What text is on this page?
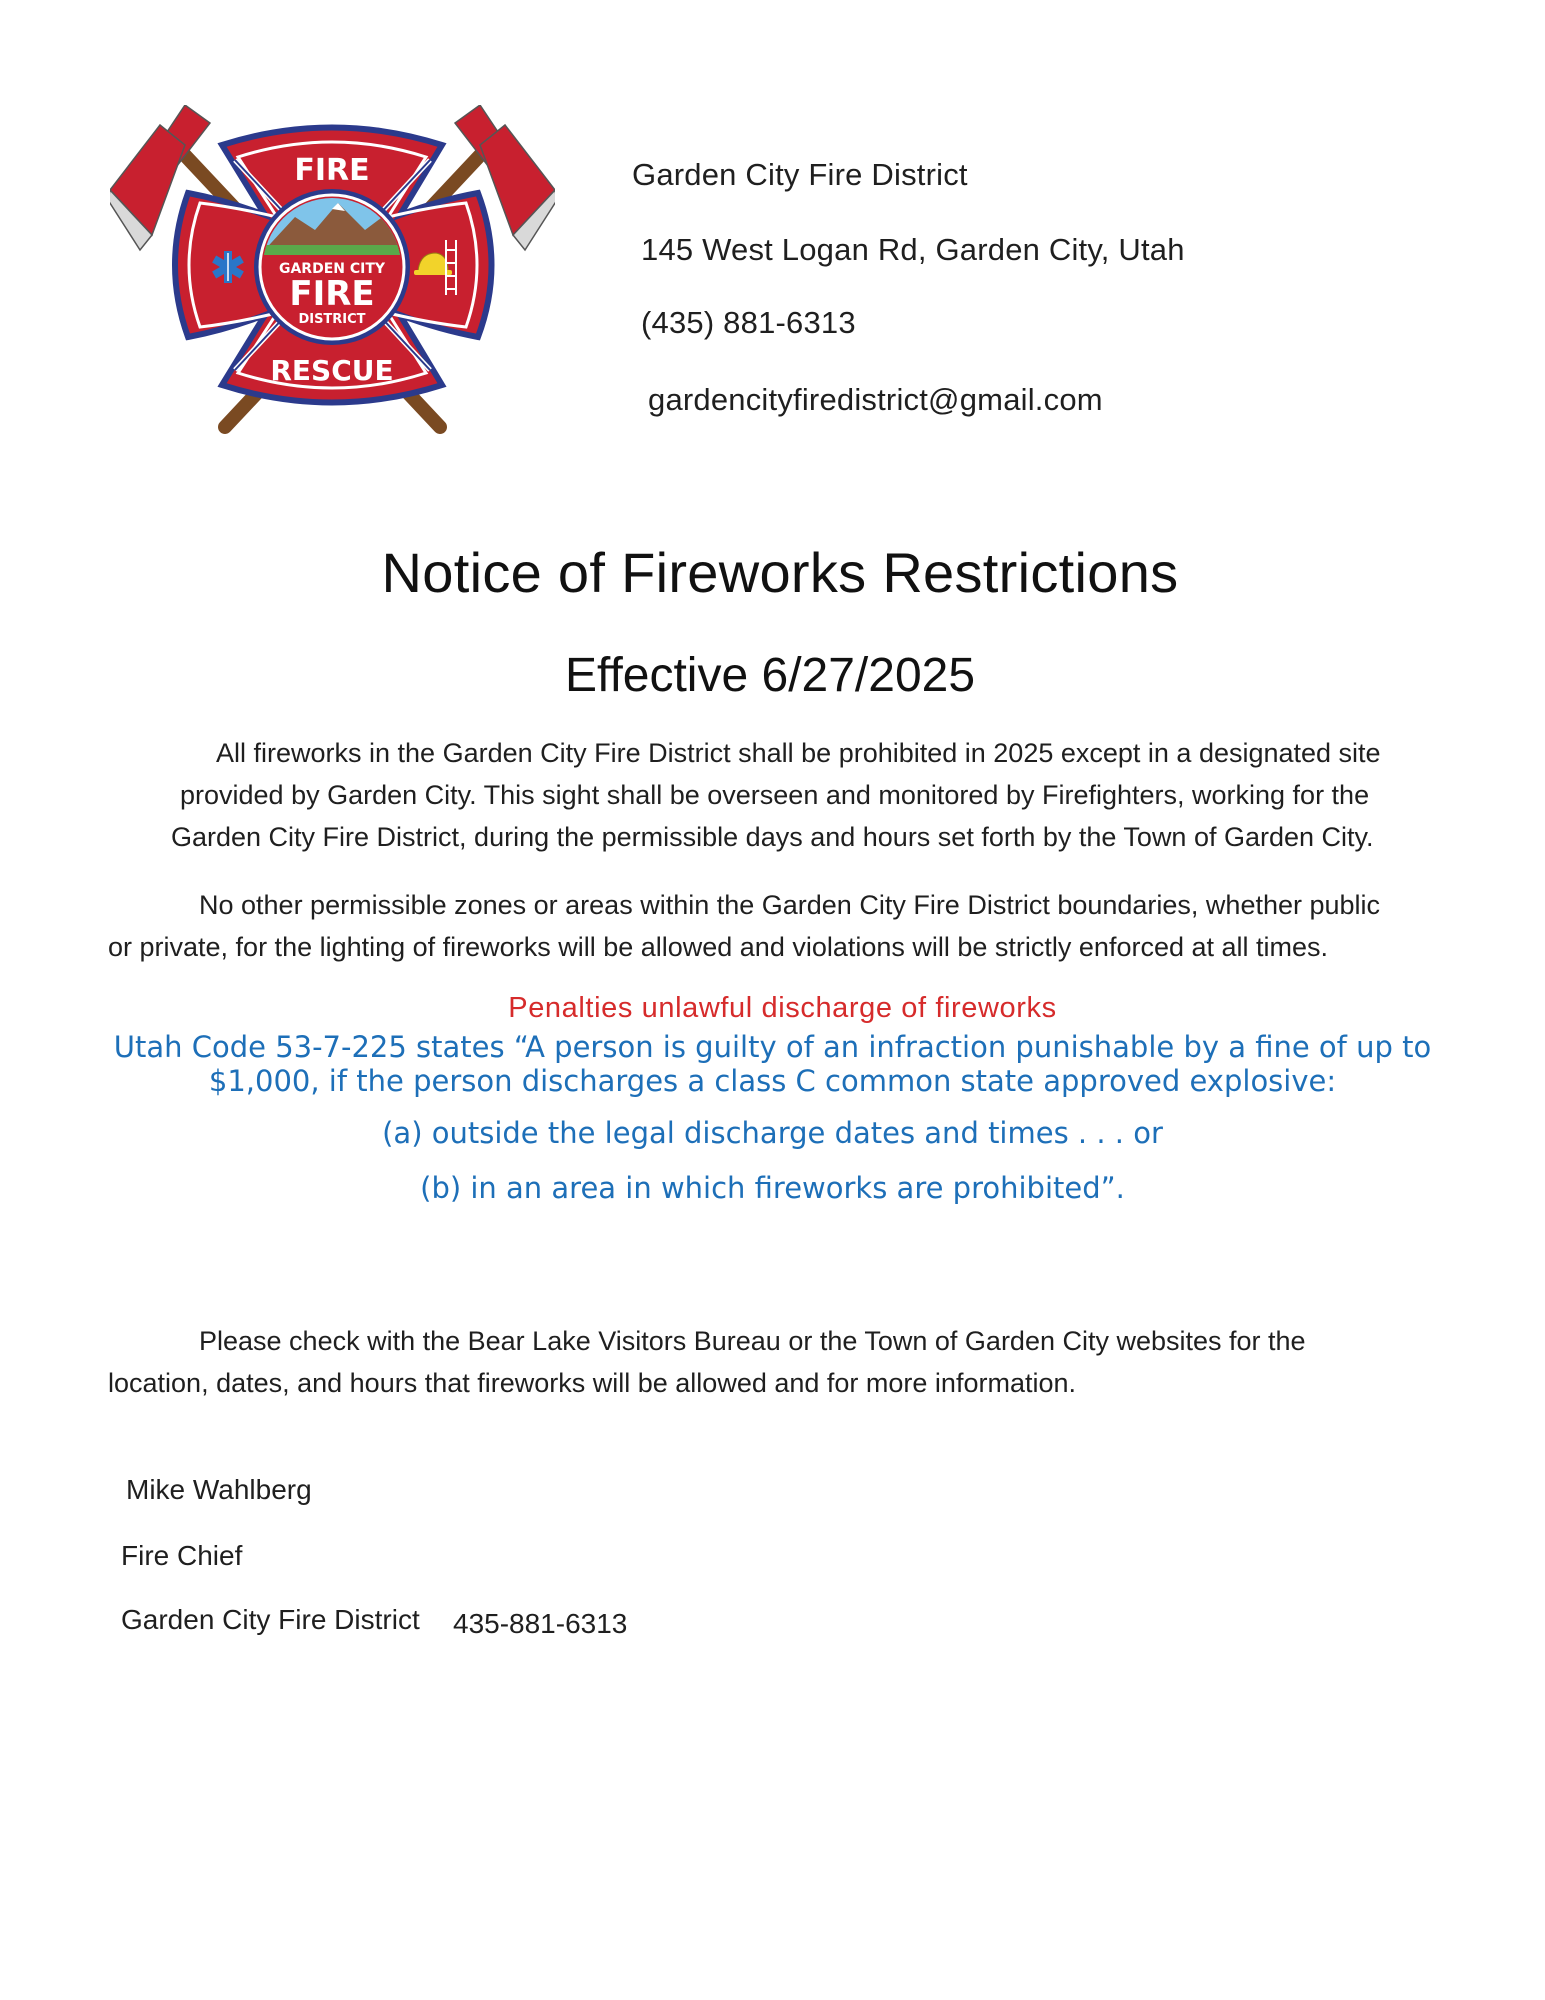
FIRE
GARDEN CITY
FIRE
DISTRICT
RESCUE
Garden City Fire District
145 West Logan Rd, Garden City, Utah
(435) 881-6313
gardencityfiredistrict@gmail.com
Notice of Fireworks Restrictions
Effective 6/27/2025
All fireworks in the Garden City Fire District shall be prohibited in 2025 except in a designated site
provided by Garden City. This sight shall be overseen and monitored by Firefighters, working for the
Garden City Fire District, during the permissible days and hours set forth by the Town of Garden City.
No other permissible zones or areas within the Garden City Fire District boundaries, whether public
or private, for the lighting of fireworks will be allowed and violations will be strictly enforced at all times.
Penalties unlawful discharge of fireworks
Utah Code 53-7-225 states “A person is guilty of an infraction punishable by a fine of up to
$1,000, if the person discharges a class C common state approved explosive:
(a) outside the legal discharge dates and times . . . or
(b) in an area in which fireworks are prohibited”.
Please check with the Bear Lake Visitors Bureau or the Town of Garden City websites for the
location, dates, and hours that fireworks will be allowed and for more information.
Mike Wahlberg
Fire Chief
Garden City Fire District 435-881-6313
